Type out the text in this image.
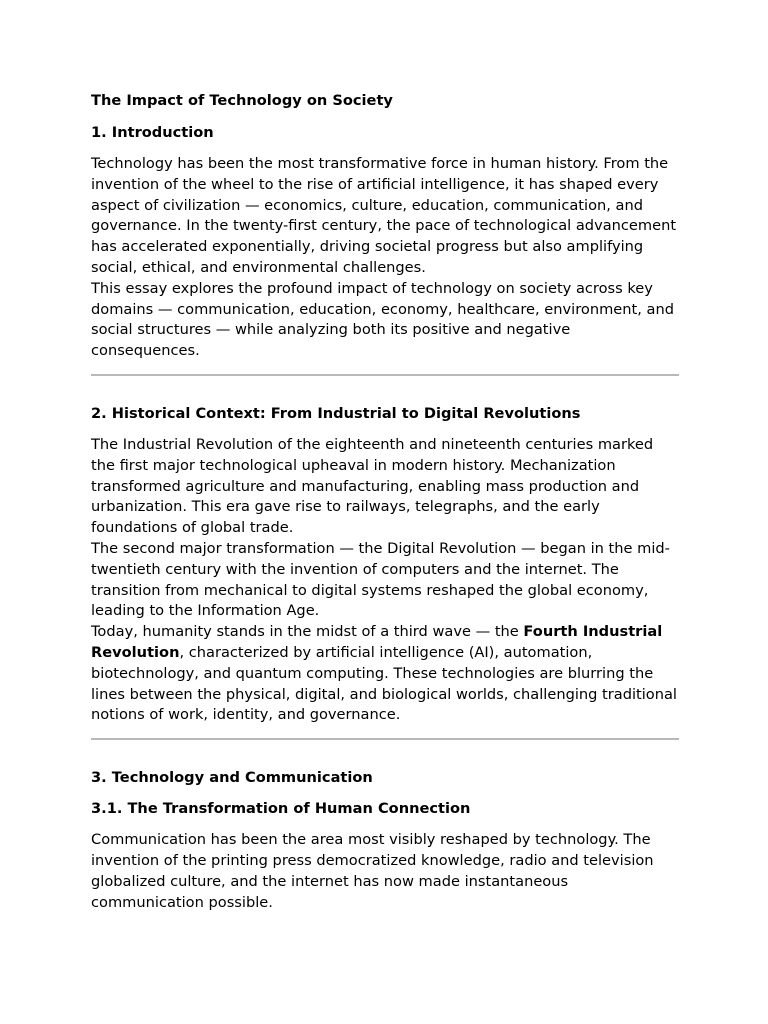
The Impact of Technology on Society
1. Introduction

Technology has been the most transformative force in human history. From the invention of the wheel to the rise of artificial intelligence, it has shaped every aspect of civilization — economics, culture, education, communication, and governance. In the twenty-first century, the pace of technological advancement has accelerated exponentially, driving societal progress but also amplifying social, ethical, and environmental challenges.

This essay explores the profound impact of technology on society across key domains — communication, education, economy, healthcare, environment, and social structures — while analyzing both its positive and negative consequences.

2. Historical Context: From Industrial to Digital Revolutions

The Industrial Revolution of the eighteenth and nineteenth centuries marked the first major technological upheaval in modern history. Mechanization transformed agriculture and manufacturing, enabling mass production and urbanization. This era gave rise to railways, telegraphs, and the early foundations of global trade.

The second major transformation — the Digital Revolution — began in the mid-twentieth century with the invention of computers and the internet. The transition from mechanical to digital systems reshaped the global economy, leading to the Information Age.

Today, humanity stands in the midst of a third wave — the Fourth Industrial Revolution, characterized by artificial intelligence (AI), automation, biotechnology, and quantum computing. These technologies are blurring the lines between the physical, digital, and biological worlds, challenging traditional notions of work, identity, and governance.

3. Technology and Communication
3.1. The Transformation of Human Connection

Communication has been the area most visibly reshaped by technology. The invention of the printing press democratized knowledge, radio and television globalized culture, and the internet has now made instantaneous communication possible.
